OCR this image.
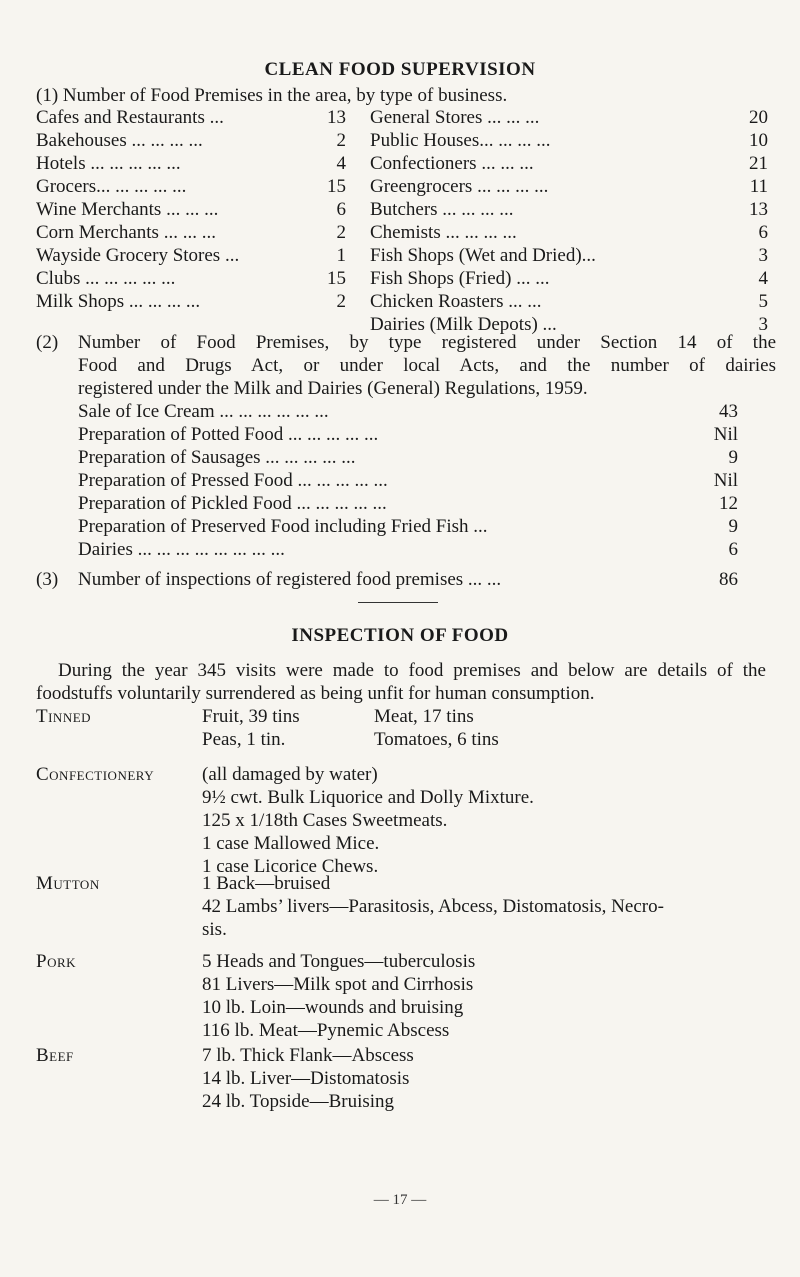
CLEAN FOOD SUPERVISION
(1) Number of Food Premises in the area, by type of business.
Cafes and Restaurants ...	13
Bakehouses ... ... ... ...	2
Hotels ... ... ... ... ...	4
Grocers... ... ... ... ...	15
Wine Merchants ... ... ...	6
Corn Merchants ... ... ...	2
Wayside Grocery Stores ...	1
Clubs ... ... ... ... ...	15
Milk Shops ... ... ... ...	2
General Stores ... ... ...	20
Public Houses... ... ... ...	10
Confectioners ... ... ...	21
Greengrocers ... ... ... ...	11
Butchers ... ... ... ...	13
Chemists ... ... ... ...	6
Fish Shops (Wet and Dried)...	3
Fish Shops (Fried) ... ...	4
Chicken Roasters ... ...	5
Dairies (Milk Depots) ...	3
(2) Number of Food Premises, by type registered under Section 14 of the
Food and Drugs Act, or under local Acts, and the number of dairies
registered under the Milk and Dairies (General) Regulations, 1959.
Sale of Ice Cream ... ... ... ... ... ...	43
Preparation of Potted Food ... ... ... ... ...	Nil
Preparation of Sausages ... ... ... ... ...	9
Preparation of Pressed Food ... ... ... ... ...	Nil
Preparation of Pickled Food ... ... ... ... ...	12
Preparation of Preserved Food including Fried Fish ...	9
Dairies ... ... ... ... ... ... ... ...	6
(3)	Number of inspections of registered food premises ... ...	86
INSPECTION OF FOOD

During the year 345 visits were made to food premises and below are details of the foodstuffs voluntarily surrendered as being unfit for human consumption.

Tinned	Fruit, 39 tins	Meat, 17 tins
Peas, 1 tin.	Tomatoes, 6 tins
Confectionery	(all damaged by water)
9½ cwt. Bulk Liquorice and Dolly Mixture.
125 x 1/18th Cases Sweetmeats.
1 case Mallowed Mice.
1 case Licorice Chews.
Mutton	1 Back—bruised
42 Lambs’ livers—Parasitosis, Abcess, Distomatosis, Necro-
sis.
Pork	5 Heads and Tongues—tuberculosis
81 Livers—Milk spot and Cirrhosis
10 lb. Loin—wounds and bruising
116 lb. Meat—Pynemic Abscess
Beef	7 lb. Thick Flank—Abscess
14 lb. Liver—Distomatosis
24 lb. Topside—Bruising
— 17 —
